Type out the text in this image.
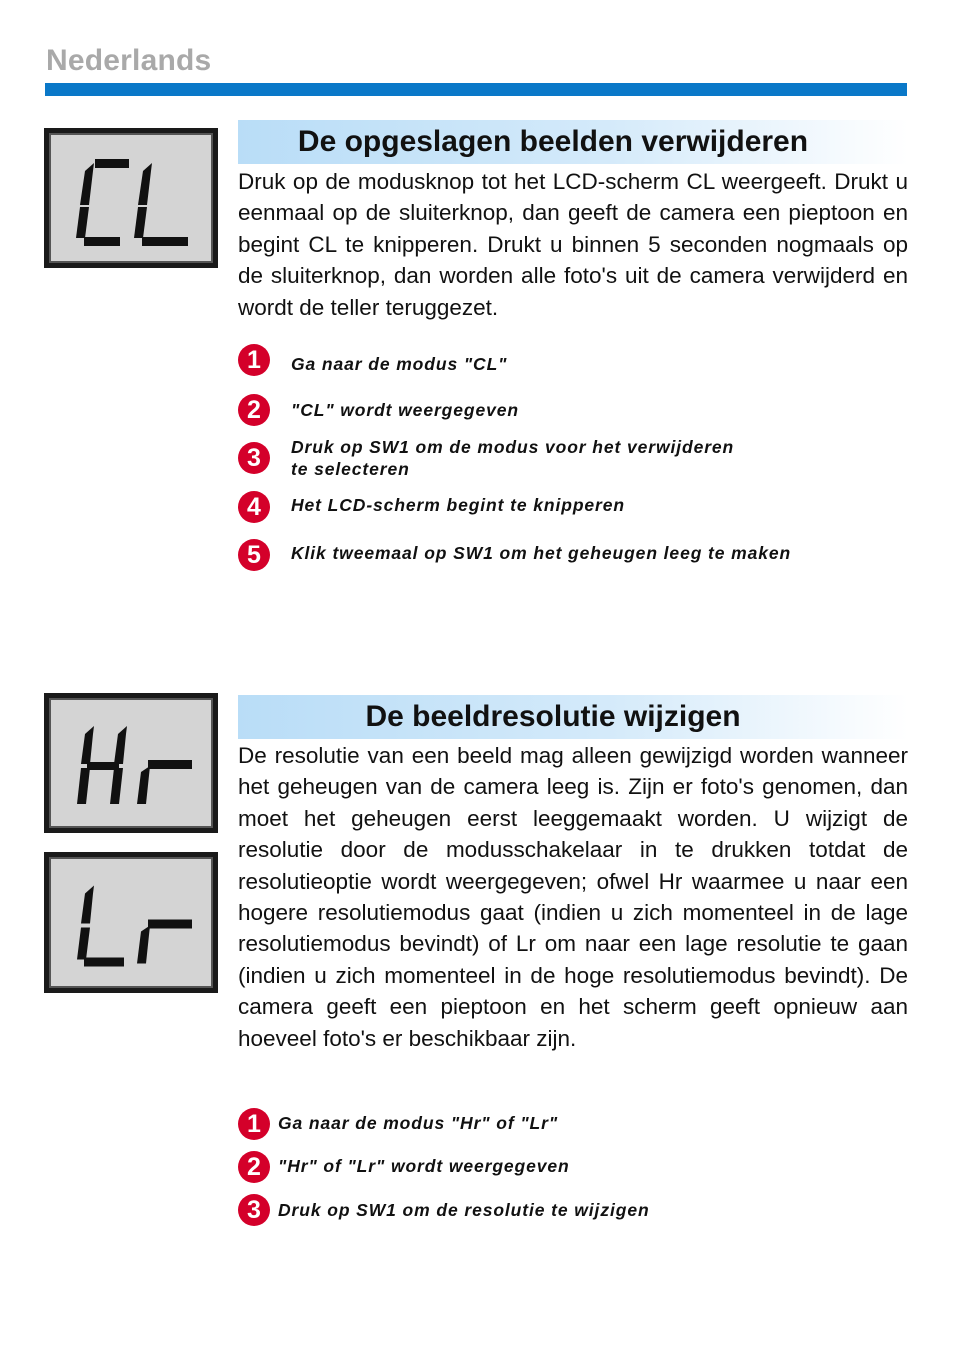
Nederlands
De opgeslagen beelden verwijderen

Druk op de modusknop tot het LCD-scherm CL weergeeft. Drukt u eenmaal op de sluiterknop, dan geeft de camera een pieptoon en begint CL te knipperen. Drukt u binnen 5 seconden nogmaals op de sluiterknop, dan worden alle foto's uit de camera verwijderd en wordt de teller teruggezet.

1	Ga naar de modus "CL"
2	"CL" wordt weergegeven
3	Druk op SW1 om de modus voor het verwijderen
te selecteren
4	Het LCD-scherm begint te knipperen
5	Klik tweemaal op SW1 om het geheugen leeg te maken
De beeldresolutie wijzigen

De resolutie van een beeld mag alleen gewijzigd worden wanneer het geheugen van de camera leeg is. Zijn er foto's genomen, dan moet het geheugen eerst leeggemaakt worden. U wijzigt de resolutie door de modusschakelaar in te drukken totdat de resolutieoptie wordt weergegeven; ofwel Hr waarmee u naar een hogere resolutiemodus gaat (indien u zich momenteel in de lage resolutiemodus bevindt) of Lr om naar een lage resolutie te gaan (indien u zich momenteel in de hoge resolutiemodus bevindt). De camera geeft een pieptoon en het scherm geeft opnieuw aan hoeveel foto's er beschikbaar zijn.

1 Ga naar de modus "Hr" of "Lr"
2 "Hr" of "Lr" wordt weergegeven
3 Druk op SW1 om de resolutie te wijzigen
